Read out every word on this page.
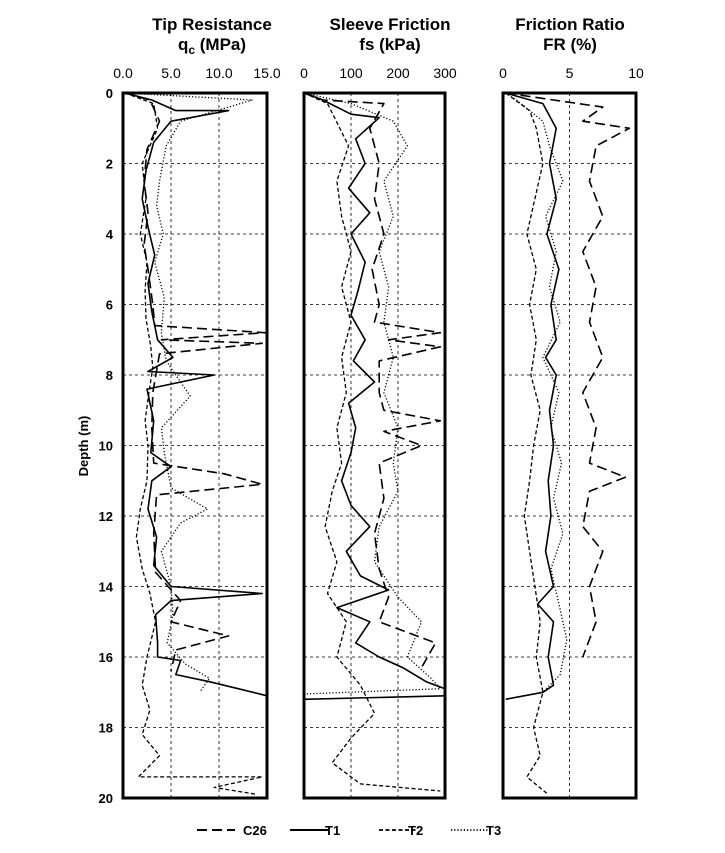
Depth (m)
Tip Resistance
$q_c$ (MPa)
0.0 5.0 10.0 15.0
Sleeve Friction
fs (kPa)
0 100 200 300
Friction Ratio
FR (%)
0	5	10
0
2
4
6
8
10
12
14
16
18
20
C26	T1	T2	T3
